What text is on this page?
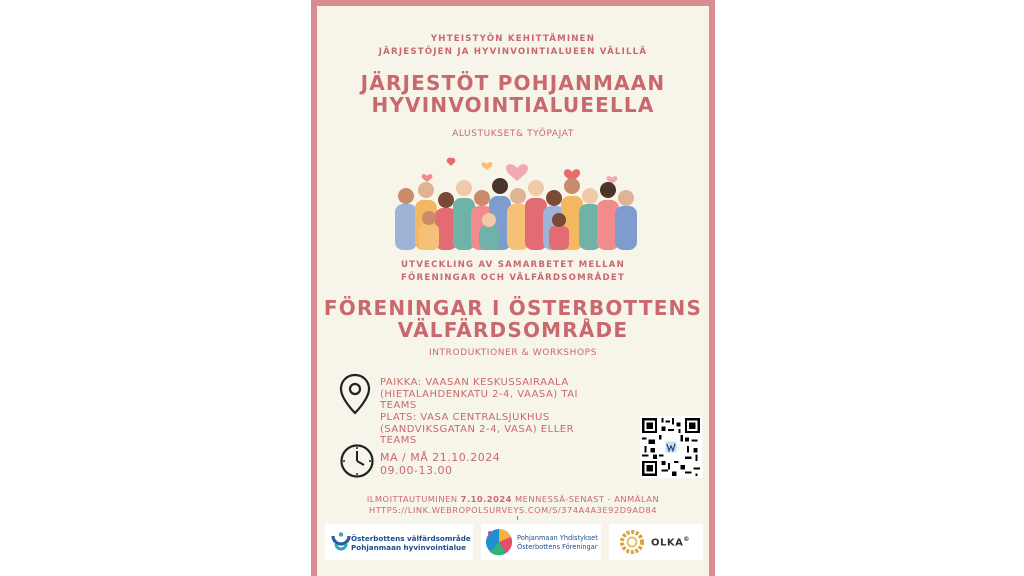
YHTEISTYÖN KEHITTÄMINEN
JÄRJESTÖJEN JA HYVINVOINTIALUEEN VÄLILLÄ
JÄRJESTÖT POHJANMAAN
HYVINVOINTIALUEELLA
ALUSTUKSET& TYÖPAJAT
UTVECKLING AV SAMARBETET MELLAN
FÖRENINGAR OCH VÄLFÄRDSOMRÅDET
FÖRENINGAR I ÖSTERBOTTENS
VÄLFÄRDSOMRÅDE
INTRODUKTIONER & WORKSHOPS
PAIKKA: VAASAN KESKUSSAIRAALA
(HIETALAHDENKATU 2-4, VAASA) TAI
TEAMS
PLATS: VASA CENTRALSJUKHUS
(SANDVIKSGATAN 2-4, VASA) ELLER
TEAMS
MA / MÅ 21.10.2024
09.00-13.00
ILMOITTAUTUMINEN 7.10.2024 MENNESSÄ-SENAST - ANMÄLAN
HTTPS://LINK.WEBROPOLSURVEYS.COM/S/374A4A3E92D9AD84
Österbottens välfärdsområde
Pohjanmaan hyvinvointialue
Pohjanmaan Yhdistykset
Österbottens Föreningar	OLKA®
